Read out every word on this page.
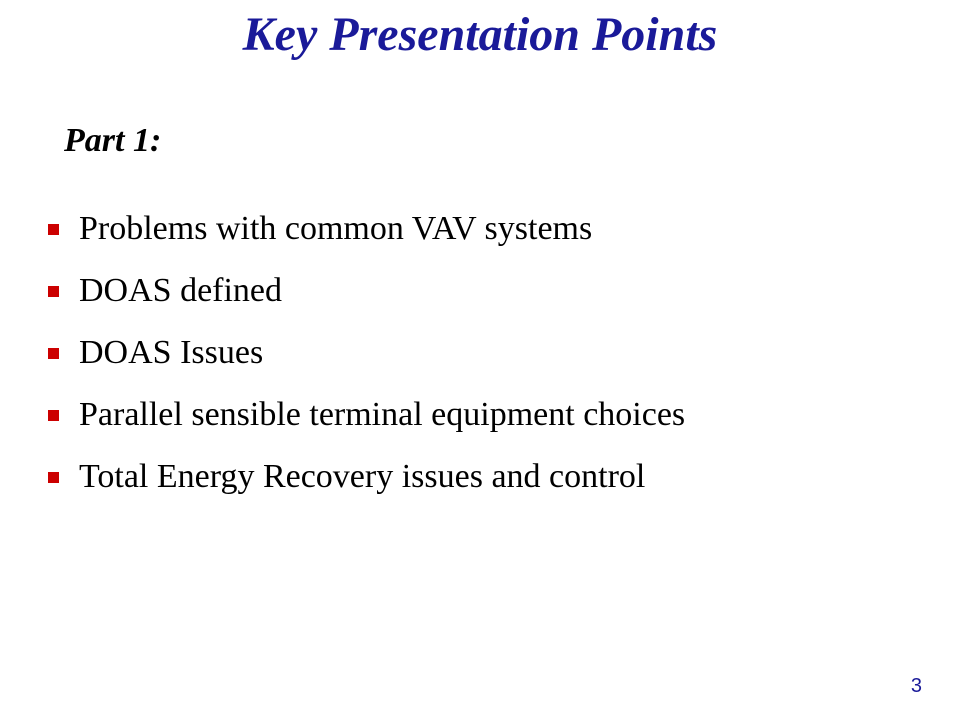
Key Presentation Points
Part 1:
Problems with common VAV systems
DOAS defined
DOAS Issues
Parallel sensible terminal equipment choices
Total Energy Recovery issues and control
3
